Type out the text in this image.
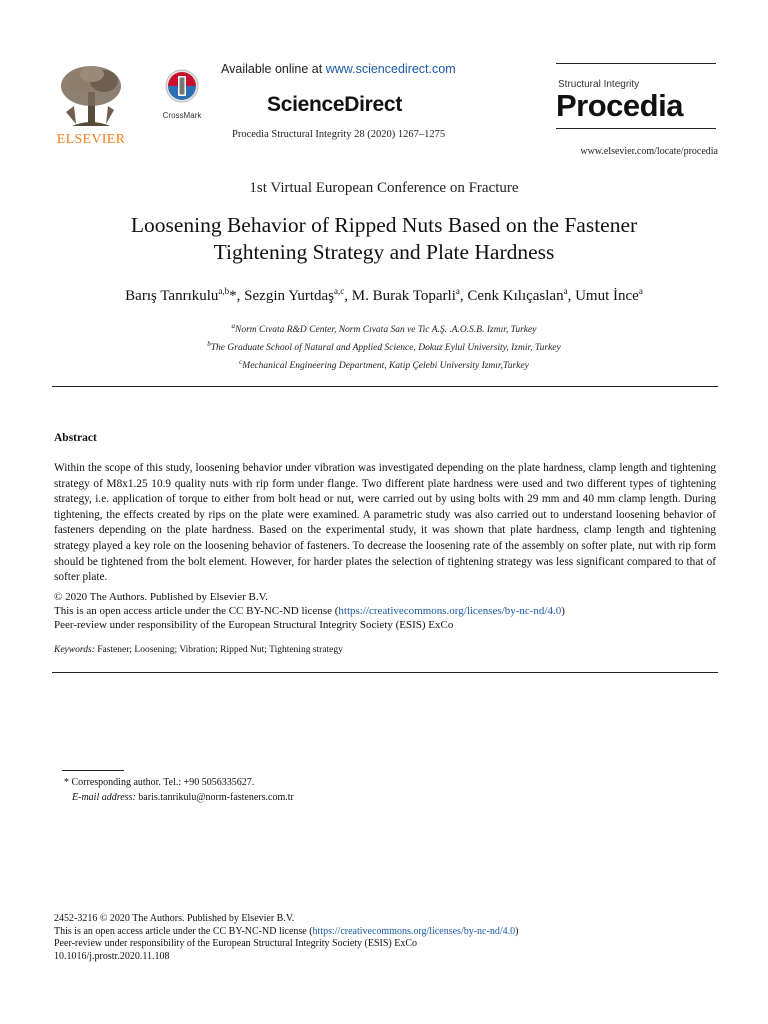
ELSEVIER
CrossMark
Available online at www.sciencedirect.com
ScienceDirect
Procedia Structural Integrity 28 (2020) 1267–1275
Structural Integrity
Procedia
www.elsevier.com/locate/procedia
1st Virtual European Conference on Fracture
Loosening Behavior of Ripped Nuts Based on the Fastener
Tightening Strategy and Plate Hardness
Barış Tanrıkulu$^{a,b}$*, Sezgin Yurtdaş$^{a,c}$, M. Burak Toparli$^a$, Cenk Kılıçaslan$^a$, Umut İnce$^a$
$^a$Norm Cıvata R&D Center, Norm Cıvata San ve Tic A.Ş. .A.O.S.B. Izmır, Turkey
$^b$The Graduate School of Natural and Applied Science, Dokuz Eylul University, Izmir, Turkey
$^c$Mechanical Engineering Department, Katip Çelebi University Izmır,Turkey
Abstract
Within the scope of this study, loosening behavior under vibration was investigated depending on the plate hardness, clamp length and tightening strategy of M8x1.25 10.9 quality nuts with rip form under flange. Two different plate hardness were used and two different types of tightening strategy, i.e. application of torque to either from bolt head or nut, were carried out by using bolts with 29 mm and 40 mm clamp length. During tightening, the effects created by rips on the plate were examined. A parametric study was also carried out to understand loosening behavior of fasteners depending on the plate hardness. Based on the experimental study, it was shown that plate hardness, clamp length and tightening strategy played a key role on the loosening behavior of fasteners. To decrease the loosening rate of the assembly on softer plate, nut with rip form should be tightened from the bolt element. However, for harder plates the selection of tightening strategy was less significant compared to that of softer plate.
© 2020 The Authors. Published by Elsevier B.V.
This is an open access article under the CC BY-NC-ND license (https://creativecommons.org/licenses/by-nc-nd/4.0)
Peer-review under responsibility of the European Structural Integrity Society (ESIS) ExCo
Keywords: Fastener; Loosening; Vibration; Ripped Nut; Tightening strategy
* Corresponding author. Tel.: +90 5056335627.
E-mail address: baris.tanrikulu@norm-fasteners.com.tr
2452-3216 © 2020 The Authors. Published by Elsevier B.V.
This is an open access article under the CC BY-NC-ND license (https://creativecommons.org/licenses/by-nc-nd/4.0)
Peer-review under responsibility of the European Structural Integrity Society (ESIS) ExCo
10.1016/j.prostr.2020.11.108
